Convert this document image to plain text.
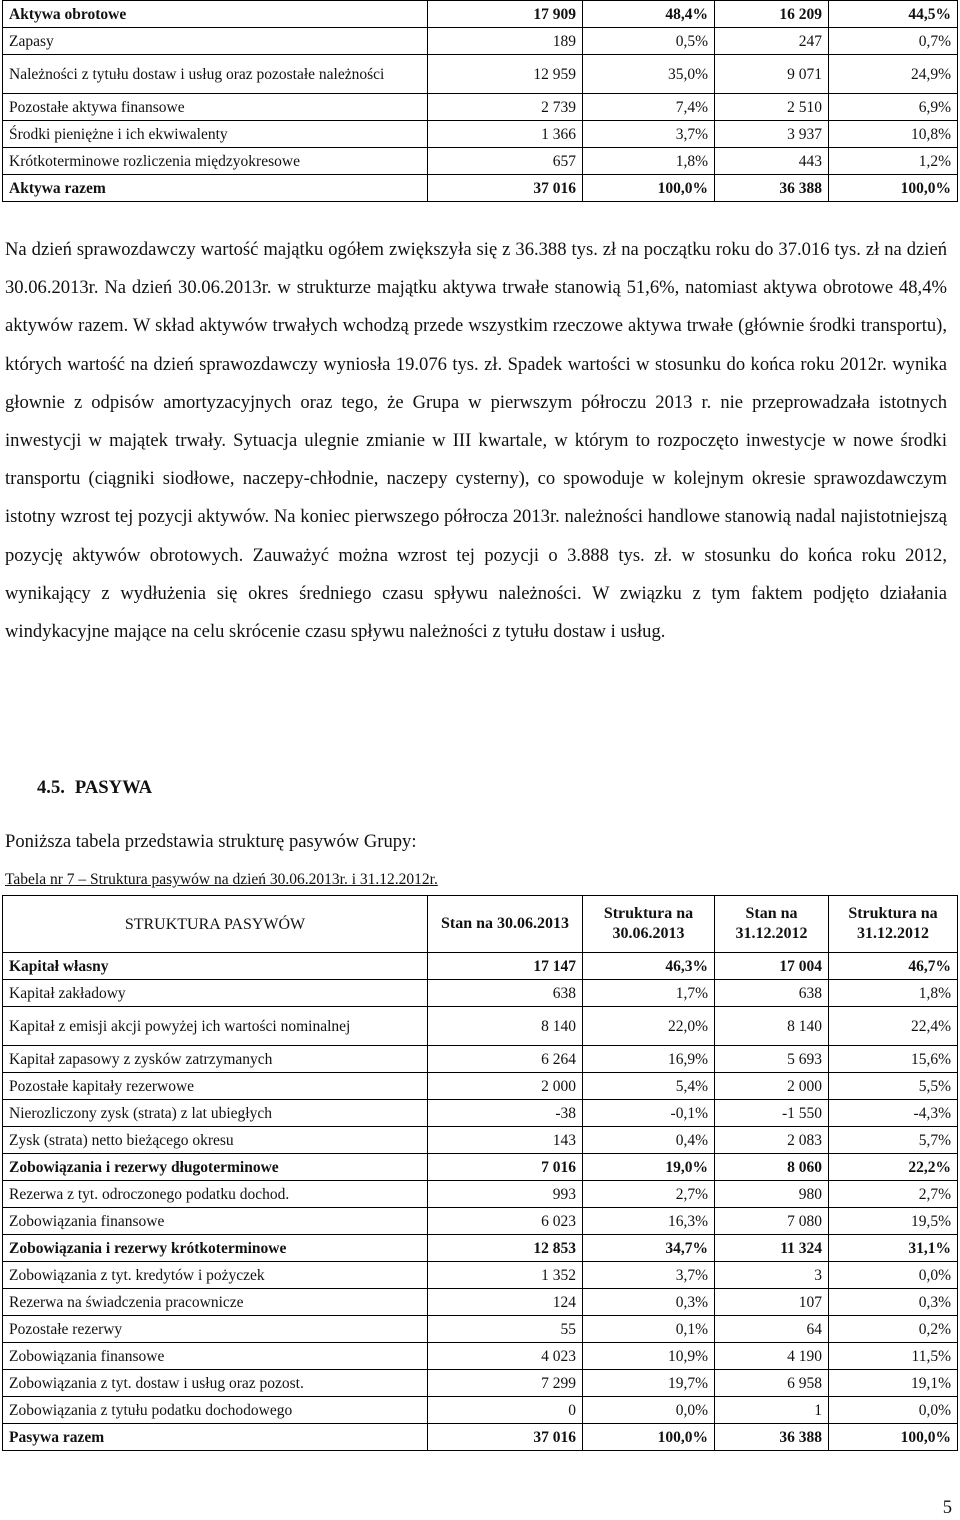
Aktywa obrotowe	17 909	48,4%	16 209	44,5%
Zapasy	189	0,5%	247	0,7%
Należności z tytułu dostaw i usług oraz pozostałe należności	12 959	35,0%	9 071	24,9%
Pozostałe aktywa finansowe	2 739	7,4%	2 510	6,9%
Środki pieniężne i ich ekwiwalenty	1 366	3,7%	3 937	10,8%
Krótkoterminowe rozliczenia międzyokresowe	657	1,8%	443	1,2%
Aktywa razem	37 016	100,0%	36 388	100,0%

Na dzień sprawozdawczy wartość majątku ogółem zwiększyła się z 36.388 tys. zł na początku roku do 37.016 tys. zł na dzień 30.06.2013r. Na dzień 30.06.2013r. w strukturze majątku aktywa trwałe stanowią 51,6%, natomiast aktywa obrotowe 48,4% aktywów razem. W skład aktywów trwałych wchodzą przede wszystkim rzeczowe aktywa trwałe (głównie środki transportu), których wartość na dzień sprawozdawczy wyniosła 19.076 tys. zł. Spadek wartości w stosunku do końca roku 2012r. wynika głownie z odpisów amortyzacyjnych oraz tego, że Grupa w pierwszym półroczu 2013 r. nie przeprowadzała istotnych inwestycji w majątek trwały. Sytuacja ulegnie zmianie w III kwartale, w którym to rozpoczęto inwestycje w nowe środki transportu (ciągniki siodłowe, naczepy-chłodnie, naczepy cysterny), co spowoduje w kolejnym okresie sprawozdawczym istotny wzrost tej pozycji aktywów. Na koniec pierwszego półrocza 2013r. należności handlowe stanowią nadal najistotniejszą pozycję aktywów obrotowych. Zauważyć można wzrost tej pozycji o 3.888 tys. zł. w stosunku do końca roku 2012, wynikający z wydłużenia się okres średniego czasu spływu należności. W związku z tym faktem podjęto działania windykacyjne mające na celu skrócenie czasu spływu należności z tytułu dostaw i usług.

4.5. PASYWA

Poniższa tabela przedstawia strukturę pasywów Grupy:

Tabela nr 7 – Struktura pasywów na dzień 30.06.2013r. i 31.12.2012r.

STRUKTURA PASYWÓW	Stan na 30.06.2013	Struktura na 30.06.2013	Stan na 31.12.2012	Struktura na 31.12.2012
Kapitał własny	17 147	46,3%	17 004	46,7%
Kapitał zakładowy	638	1,7%	638	1,8%
Kapitał z emisji akcji powyżej ich wartości nominalnej	8 140	22,0%	8 140	22,4%
Kapitał zapasowy z zysków zatrzymanych	6 264	16,9%	5 693	15,6%
Pozostałe kapitały rezerwowe	2 000	5,4%	2 000	5,5%
Nierozliczony zysk (strata) z lat ubiegłych	-38	-0,1%	-1 550	-4,3%
Zysk (strata) netto bieżącego okresu	143	0,4%	2 083	5,7%
Zobowiązania i rezerwy długoterminowe	7 016	19,0%	8 060	22,2%
Rezerwa z tyt. odroczonego podatku dochod.	993	2,7%	980	2,7%
Zobowiązania finansowe	6 023	16,3%	7 080	19,5%
Zobowiązania i rezerwy krótkoterminowe	12 853	34,7%	11 324	31,1%
Zobowiązania z tyt. kredytów i pożyczek	1 352	3,7%	3	0,0%
Rezerwa na świadczenia pracownicze	124	0,3%	107	0,3%
Pozostałe rezerwy	55	0,1%	64	0,2%
Zobowiązania finansowe	4 023	10,9%	4 190	11,5%
Zobowiązania z tyt. dostaw i usług oraz pozost.	7 299	19,7%	6 958	19,1%
Zobowiązania z tytułu podatku dochodowego	0	0,0%	1	0,0%
Pasywa razem	37 016	100,0%	36 388	100,0%

5
